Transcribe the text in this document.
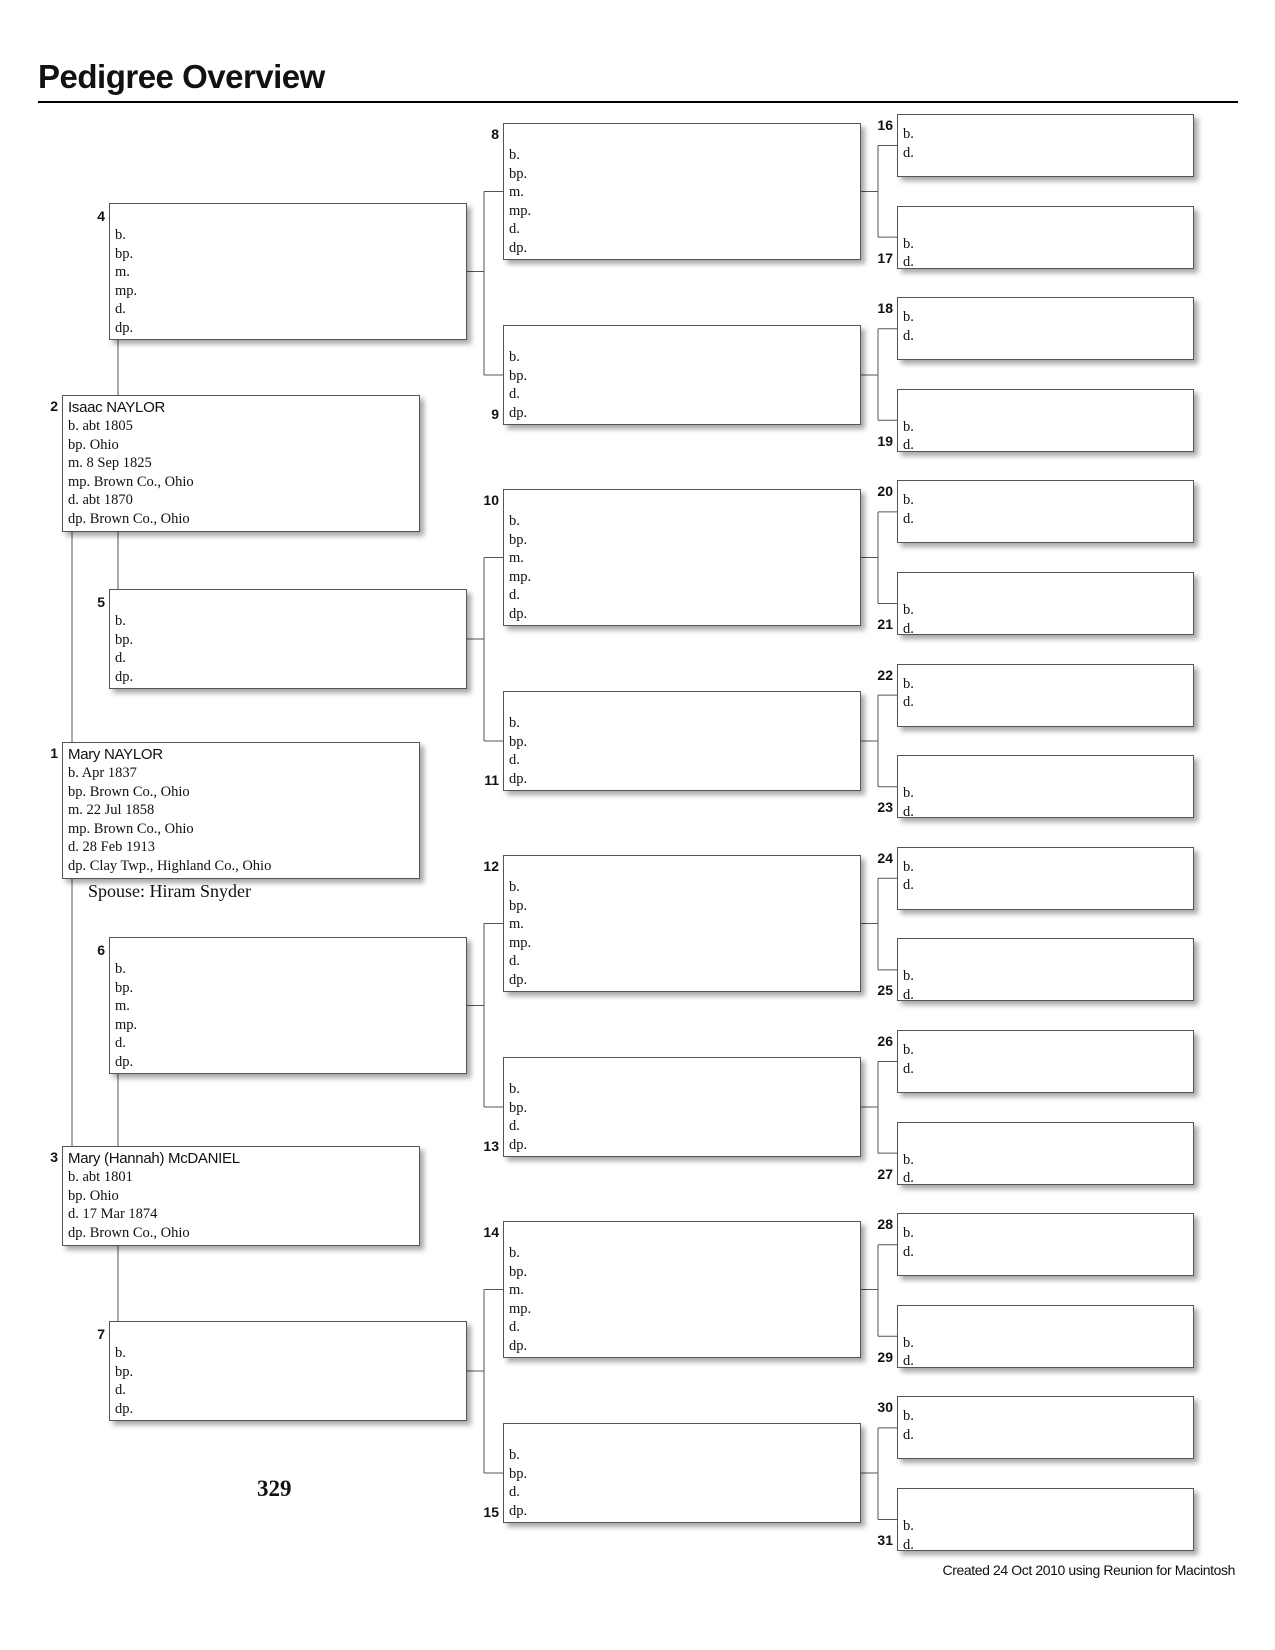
Pedigree Overview
Mary NAYLOR
b. Apr 1837
bp. Brown Co., Ohio
m. 22 Jul 1858
mp. Brown Co., Ohio
d. 28 Feb 1913
dp. Clay Twp., Highland Co., Ohio
1
Isaac NAYLOR
b. abt 1805
bp. Ohio
m. 8 Sep 1825
mp. Brown Co., Ohio
d. abt 1870
dp. Brown Co., Ohio
2
Mary (Hannah) McDANIEL
b. abt 1801
bp. Ohio
d. 17 Mar 1874
dp. Brown Co., Ohio
3
b.
bp.
m.
mp.
d.
dp.
4
b.
bp.
d.
dp.
5
b.
bp.
m.
mp.
d.
dp.
6
b.
bp.
d.
dp.
7
b.
bp.
m.
mp.
d.
dp.
8
b.
bp.
d.
dp.
9
b.
bp.
m.
mp.
d.
dp.
10
b.
bp.
d.
dp.
11
b.
bp.
m.
mp.
d.
dp.
12
b.
bp.
d.
dp.
13
b.
bp.
m.
mp.
d.
dp.
14
b.
bp.
d.
dp.
15
b.
d.
16
b.
d.
17
b.
d.
18
b.
d.
19
b.
d.
20
b.
d.
21
b.
d.
22
b.
d.
23
b.
d.
24
b.
d.
25
b.
d.
26
b.
d.
27
b.
d.
28
b.
d.
29
b.
d.
30
b.
d.
31
Spouse: Hiram Snyder
329
Created 24 Oct 2010 using Reunion for Macintosh
